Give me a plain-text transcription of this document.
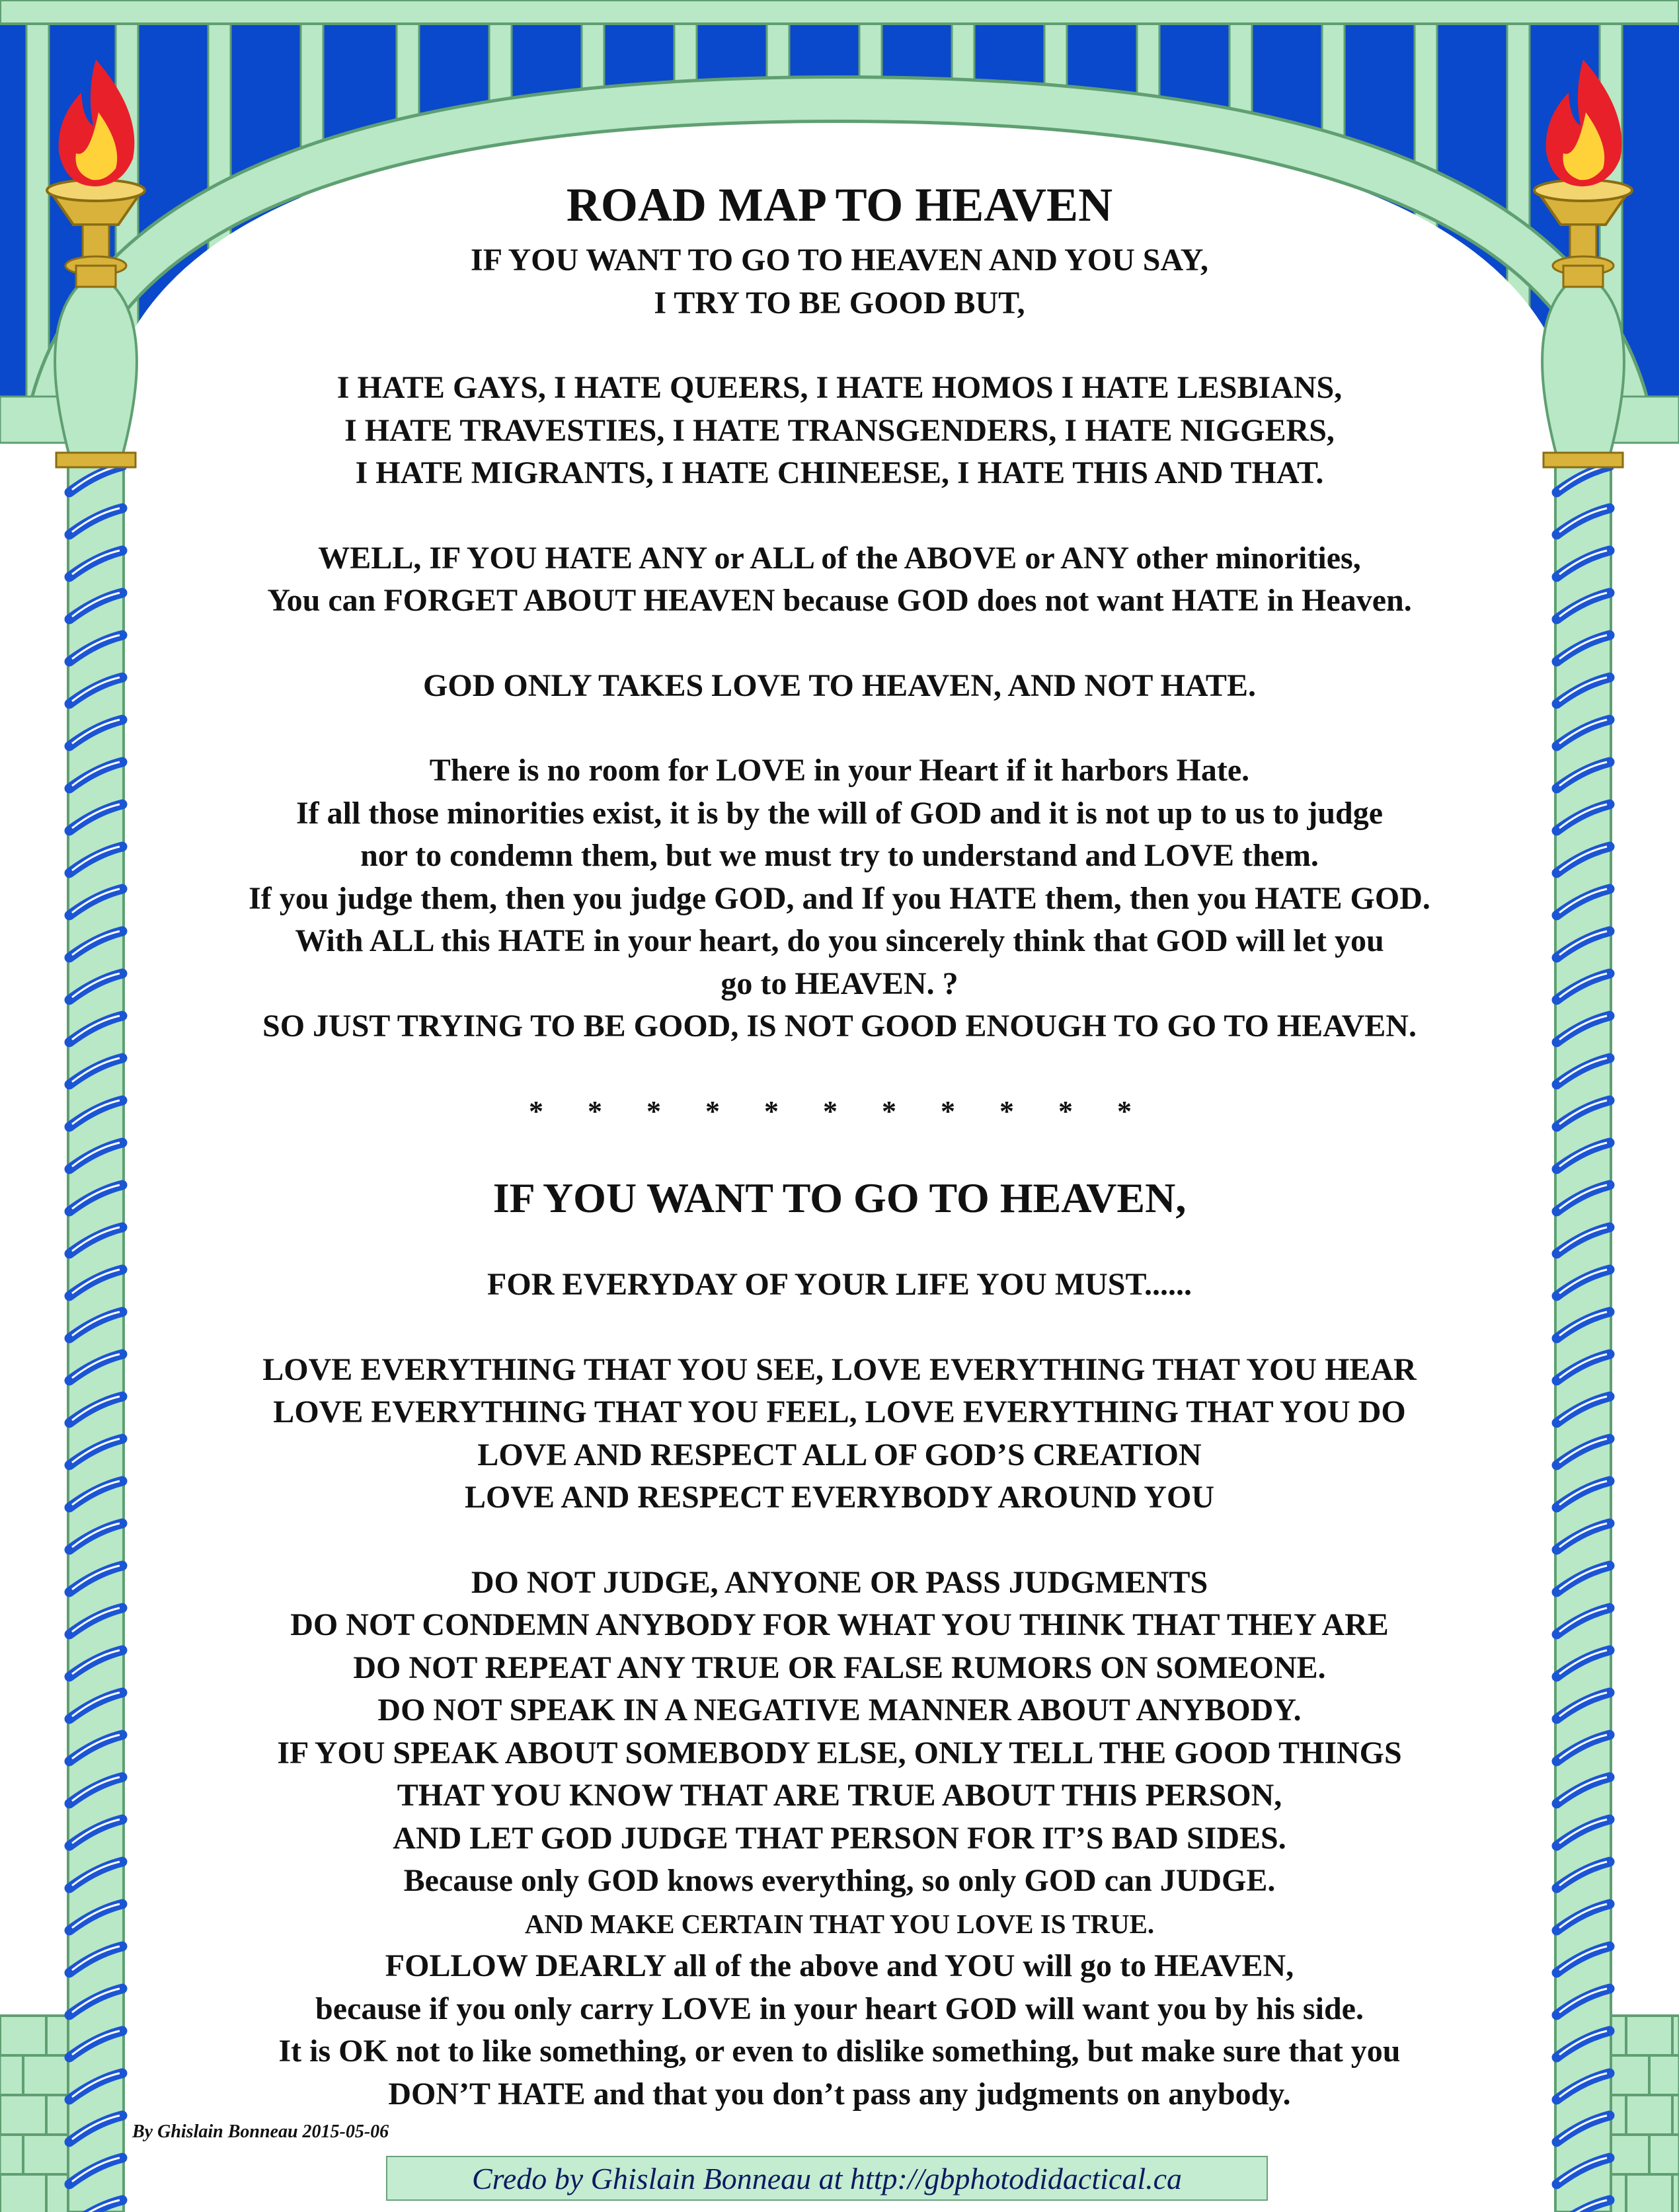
ROAD MAP TO HEAVEN

IF YOU WANT TO GO TO HEAVEN AND YOU SAY,

I TRY TO BE GOOD BUT,

I HATE GAYS, I HATE QUEERS, I HATE HOMOS I HATE LESBIANS,

I HATE TRAVESTIES, I HATE TRANSGENDERS, I HATE NIGGERS,

I HATE MIGRANTS, I HATE CHINEESE, I HATE THIS AND THAT.

WELL, IF YOU HATE ANY or ALL of the ABOVE or ANY other minorities,

You can FORGET ABOUT HEAVEN because GOD does not want HATE in Heaven.

GOD ONLY TAKES LOVE TO HEAVEN, AND NOT HATE.

There is no room for LOVE in your Heart if it harbors Hate.

If all those minorities exist, it is by the will of GOD and it is not up to us to judge

nor to condemn them, but we must try to understand and LOVE them.

If you judge them, then you judge GOD, and If you HATE them, then you HATE GOD.

With ALL this HATE in your heart, do you sincerely think that GOD will let you

go to HEAVEN. ?

SO JUST TRYING TO BE GOOD, IS NOT GOOD ENOUGH TO GO TO HEAVEN.

* * * * * * * * * * *

IF YOU WANT TO GO TO HEAVEN,

FOR EVERYDAY OF YOUR LIFE YOU MUST......

LOVE EVERYTHING THAT YOU SEE, LOVE EVERYTHING THAT YOU HEAR

LOVE EVERYTHING THAT YOU FEEL, LOVE EVERYTHING THAT YOU DO

LOVE AND RESPECT ALL OF GOD’S CREATION

LOVE AND RESPECT EVERYBODY AROUND YOU

DO NOT JUDGE, ANYONE OR PASS JUDGMENTS

DO NOT CONDEMN ANYBODY FOR WHAT YOU THINK THAT THEY ARE

DO NOT REPEAT ANY TRUE OR FALSE RUMORS ON SOMEONE.

DO NOT SPEAK IN A NEGATIVE MANNER ABOUT ANYBODY.

IF YOU SPEAK ABOUT SOMEBODY ELSE, ONLY TELL THE GOOD THINGS

THAT YOU KNOW THAT ARE TRUE ABOUT THIS PERSON,

AND LET GOD JUDGE THAT PERSON FOR IT’S BAD SIDES.

Because only GOD knows everything, so only GOD can JUDGE.

AND MAKE CERTAIN THAT YOU LOVE IS TRUE.

FOLLOW DEARLY all of the above and YOU will go to HEAVEN,

because if you only carry LOVE in your heart GOD will want you by his side.

It is OK not to like something, or even to dislike something, but make sure that you

DON’T HATE and that you don’t pass any judgments on anybody.

By Ghislain Bonneau 2015-05-06
Credo by Ghislain Bonneau at http://gbphotodidactical.ca
